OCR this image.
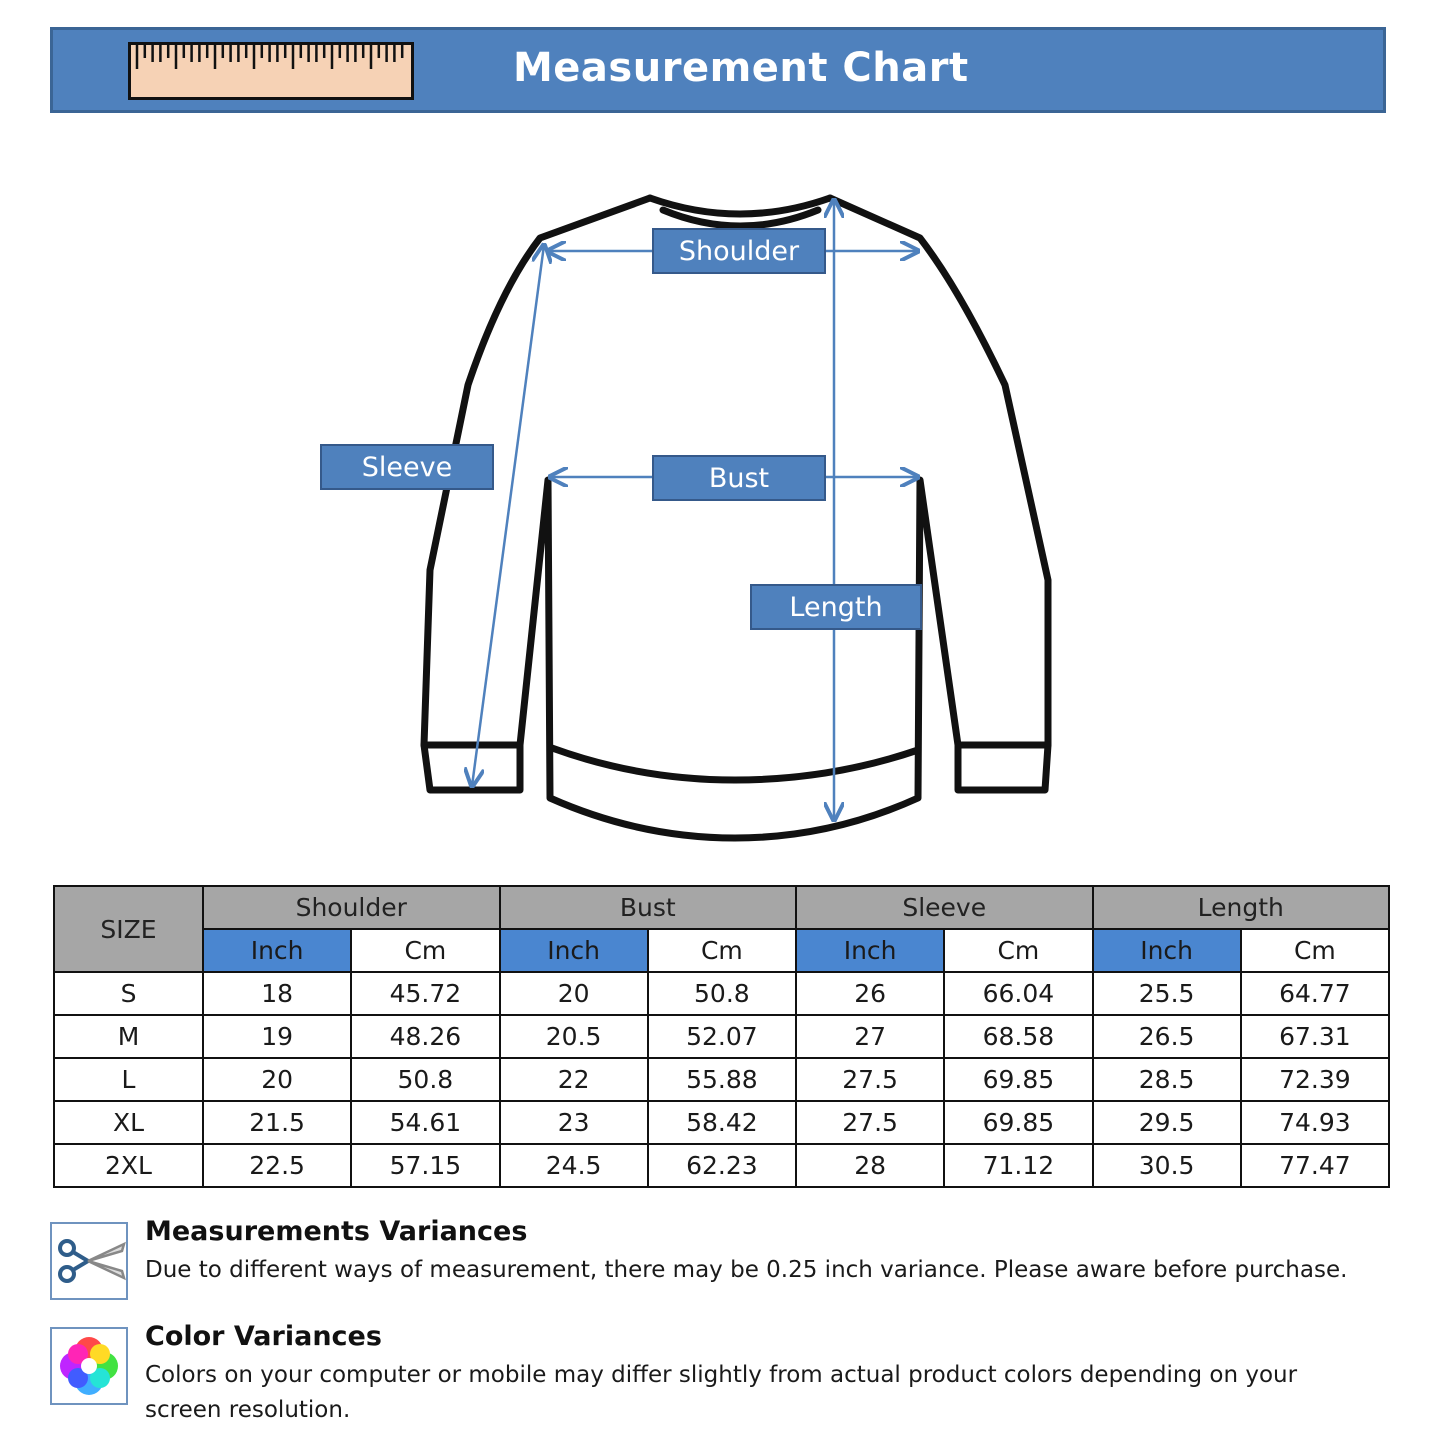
Measurement Chart
Shoulder
Sleeve	Bust
Length
SIZE	Shoulder		Bust		Sleeve		Length	
	Inch	Cm	Inch	Cm	Inch	Cm	Inch	Cm
S	18	45.72	20	50.8	26	66.04	25.5	64.77
M	19	48.26	20.5	52.07	27	68.58	26.5	67.31
L	20	50.8	22	55.88	27.5	69.85	28.5	72.39
XL	21.5	54.61	23	58.42	27.5	69.85	29.5	74.93
2XL	22.5	57.15	24.5	62.23	28	71.12	30.5	77.47
Measurements Variances
Due to different ways of measurement, there may be 0.25 inch variance. Please aware before purchase.
Color Variances
Colors on your computer or mobile may differ slightly from actual product colors depending on your screen resolution.
